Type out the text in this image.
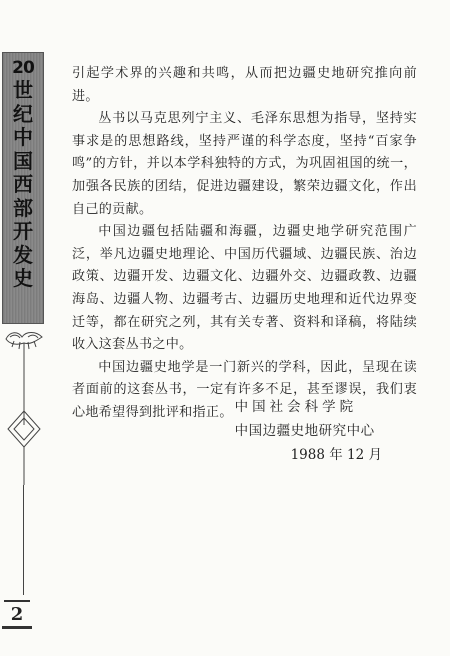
20
世
纪
中
国
西
部
开
发
史
2

引起学术界的兴趣和共鸣，从而把边疆史地研究推向前进。

丛书以马克思列宁主义、毛泽东思想为指导，坚持实事求是的思想路线，坚持严谨的科学态度，坚持“百家争鸣”的方针，并以本学科独特的方式，为巩固祖国的统一，加强各民族的团结，促进边疆建设，繁荣边疆文化，作出自己的贡献。

中国边疆包括陆疆和海疆，边疆史地学研究范围广泛，举凡边疆史地理论、中国历代疆域、边疆民族、治边政策、边疆开发、边疆文化、边疆外交、边疆政教、边疆海岛、边疆人物、边疆考古、边疆历史地理和近代边界变迁等，都在研究之列，其有关专著、资料和译稿，将陆续收入这套丛书之中。

中国边疆史地学是一门新兴的学科，因此，呈现在读者面前的这套丛书，一定有许多不足，甚至谬误，我们衷心地希望得到批评和指正。 中国社会科学院
中国边疆史地研究中心
1988 年 12 月
